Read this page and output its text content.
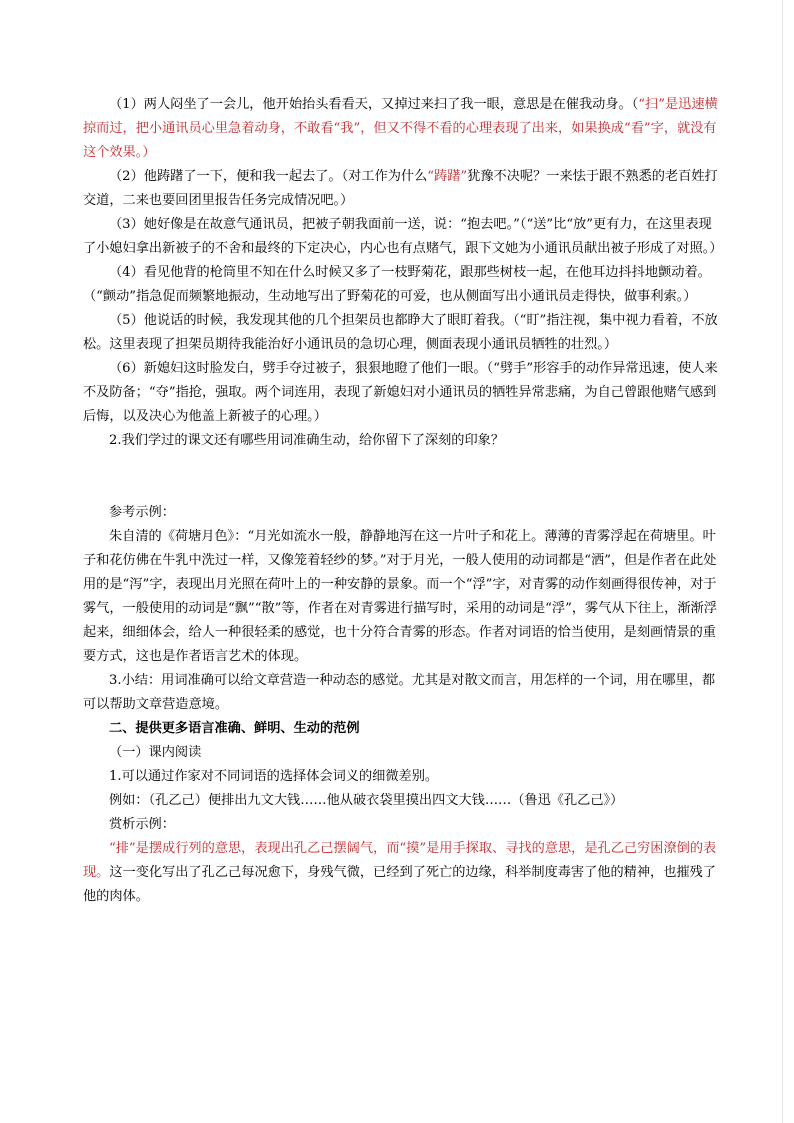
（1）两人闷坐了一会儿，他开始抬头看看天，又掉过来扫了我一眼，意思是在催我动身。（“扫”是迅速横掠而过，把小通讯员心里急着动身，不敢看“我”，但又不得不看的心理表现了出来，如果换成“看”字，就没有这个效果。）

（2）他踌躇了一下，便和我一起去了。（对工作为什么“踌躇”犹豫不决呢？一来怯于跟不熟悉的老百姓打交道，二来也要回团里报告任务完成情况吧。）

（3）她好像是在故意气通讯员，把被子朝我面前一送，说：“抱去吧。”（“送”比“放”更有力，在这里表现了小媳妇拿出新被子的不舍和最终的下定决心，内心也有点赌气，跟下文她为小通讯员献出被子形成了对照。）

（4）看见他背的枪筒里不知在什么时候又多了一枝野菊花，跟那些树枝一起，在他耳边抖抖地颤动着。（“颤动”指急促而频繁地振动，生动地写出了野菊花的可爱，也从侧面写出小通讯员走得快，做事利索。）

（5）他说话的时候，我发现其他的几个担架员也都睁大了眼盯着我。（“盯”指注视，集中视力看着，不放松。这里表现了担架员期待我能治好小通讯员的急切心理，侧面表现小通讯员牺牲的壮烈。）

（6）新媳妇这时脸发白，劈手夺过被子，狠狠地瞪了他们一眼。（“劈手”形容手的动作异常迅速，使人来不及防备；“夺”指抢，强取。两个词连用，表现了新媳妇对小通讯员的牺牲异常悲痛，为自己曾跟他赌气感到后悔，以及决心为他盖上新被子的心理。）

2.我们学过的课文还有哪些用词准确生动，给你留下了深刻的印象？

参考示例：

朱自清的《荷塘月色》：“月光如流水一般，静静地泻在这一片叶子和花上。薄薄的青雾浮起在荷塘里。叶子和花仿佛在牛乳中洗过一样，又像笼着轻纱的梦。”对于月光，一般人使用的动词都是“洒”，但是作者在此处用的是“泻”字，表现出月光照在荷叶上的一种安静的景象。而一个“浮”字，对青雾的动作刻画得很传神，对于雾气，一般使用的动词是“飘”“散”等，作者在对青雾进行描写时，采用的动词是“浮”，雾气从下往上，渐渐浮起来，细细体会，给人一种很轻柔的感觉，也十分符合青雾的形态。作者对词语的恰当使用，是刻画情景的重要方式，这也是作者语言艺术的体现。

3.小结：用词准确可以给文章营造一种动态的感觉。尤其是对散文而言，用怎样的一个词，用在哪里，都可以帮助文章营造意境。

二、提供更多语言准确、鲜明、生动的范例

（一）课内阅读

1.可以通过作家对不同词语的选择体会词义的细微差别。

例如：（孔乙己）便排出九文大钱……他从破衣袋里摸出四文大钱……（鲁迅《孔乙己》）

赏析示例：

“排”是摆成行列的意思，表现出孔乙己摆阔气，而“摸”是用手探取、寻找的意思，是孔乙己穷困潦倒的表现。这一变化写出了孔乙己每况愈下，身残气微，已经到了死亡的边缘，科举制度毒害了他的精神，也摧残了他的肉体。
